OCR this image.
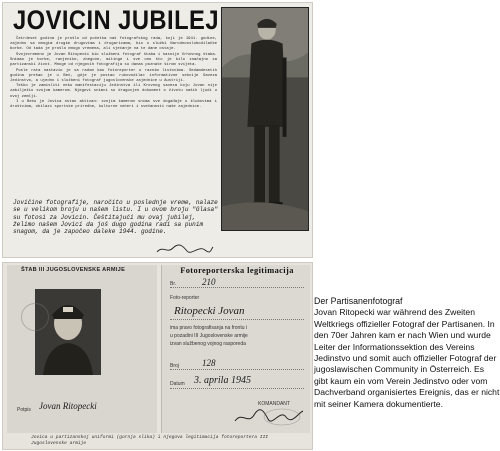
JOVICIN JUBILEJ

Četrdeset godina je prošlo od početka naš fotografskog rada, koji je 1941. godine, zajedno sa mnogim drugim drugovima i drugaricama, bio u službi Narodnooslobodilačke borbe. Od tada je prošlo mnogo vremena, ali sjećanje na te dane ostaje.

Svojevremeno je Jovan Ritopecki bio službeni fotograf štaba i kasnije Vrhovnog štaba. Snimao je borbe, ranjenike, zbegove, mitinge i sve ono što je bilo značajno za partizanski život. Mnoge od njegovih fotografija su danas poznate širom svijeta.

Posle rata nastavio je sa radom kao fotoreporter u raznim listovima. Sedamdesetih godina prešao je u Beč, gdje je postao rukovodilac informativne sekcije Saveza Jedinstvo, a ujedno i službeni fotograf jugoslovenske zajednice u Austriji.

Teško je zamisliti neku manifestaciju Jedinstva ili Krovnog saveza koju Jovan nije zabilježio svojom kamerom. Njegovi snimci su dragocjen dokument o životu naših ljudi u ovoj zemlji.

I u Beču je Jovica ostao aktivan: svojim kamerom snima sve događaje u klubovima i društvima, obilazi sportske priredbe, kulturne večeri i svečanosti naše zajednice.

Jovičine fotografije, naročito u poslednje vreme, nalaze se u velikom broju u našem listu. I u ovom broju "Glasa" su fotosi za Jovicin. Češtitajući mu ovaj jubilej, želimo našem Jovici da još dugo godina radi sa punim snagom, da je započeo daleke 1944. godine.
ŠTAB III JUGOSLOVENSKE ARMIJE
Potpis Jovan Ritopecki
Fotoreporterska legitimacija
Br.	210
Foto-reporter
Ritopecki Jovan
ima pravo fotografisanja na frontu i
u pozadini III Jugoslovenske armije
izvan službenog vojnog rasporeda
Broj	128
Datum 3. aprila 1945
KOMANDANT
Jovica u partizanskoj uniformi (gornja slika) i njegova legitimacija fotoreportera III Jugoslovenske armije
Der Partisanenfotograf
Jovan Ritopecki war während des Zweiten Weltkriegs offizieller Fotograf der Partisanen. In den 70er Jahren kam er nach Wien und wurde Leiter der Informationssektion des Vereins Jedinstvo und somit auch offizieller Fotograf der jugoslawischen Community in Österreich. Es gibt kaum ein vom Verein Jedinstvo oder vom Dachverband organisiertes Ereignis, das er nicht mit seiner Kamera dokumentierte.
